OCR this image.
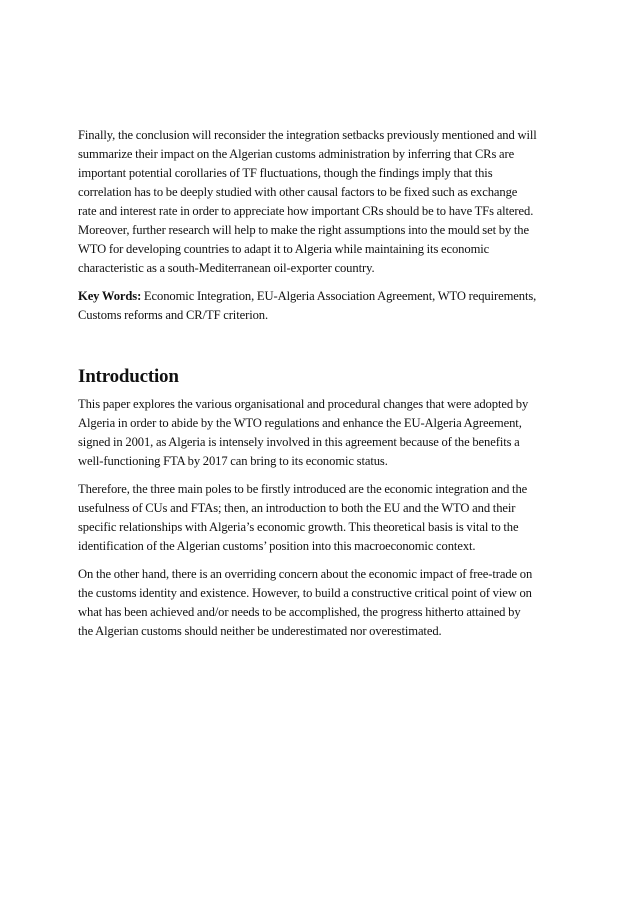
Finally, the conclusion will reconsider the integration setbacks previously mentioned and will
summarize their impact on the Algerian customs administration by inferring that CRs are
important potential corollaries of TF fluctuations, though the findings imply that this
correlation has to be deeply studied with other causal factors to be fixed such as exchange
rate and interest rate in order to appreciate how important CRs should be to have TFs altered.
Moreover, further research will help to make the right assumptions into the mould set by the
WTO for developing countries to adapt it to Algeria while maintaining its economic
characteristic as a south-Mediterranean oil-exporter country.

Key Words: Economic Integration, EU-Algeria Association Agreement, WTO requirements,
Customs reforms and CR/TF criterion.

Introduction

This paper explores the various organisational and procedural changes that were adopted by
Algeria in order to abide by the WTO regulations and enhance the EU-Algeria Agreement,
signed in 2001, as Algeria is intensely involved in this agreement because of the benefits a
well-functioning FTA by 2017 can bring to its economic status.

Therefore, the three main poles to be firstly introduced are the economic integration and the
usefulness of CUs and FTAs; then, an introduction to both the EU and the WTO and their
specific relationships with Algeria’s economic growth. This theoretical basis is vital to the
identification of the Algerian customs’ position into this macroeconomic context.

On the other hand, there is an overriding concern about the economic impact of free-trade on
the customs identity and existence. However, to build a constructive critical point of view on
what has been achieved and/or needs to be accomplished, the progress hitherto attained by
the Algerian customs should neither be underestimated nor overestimated.
